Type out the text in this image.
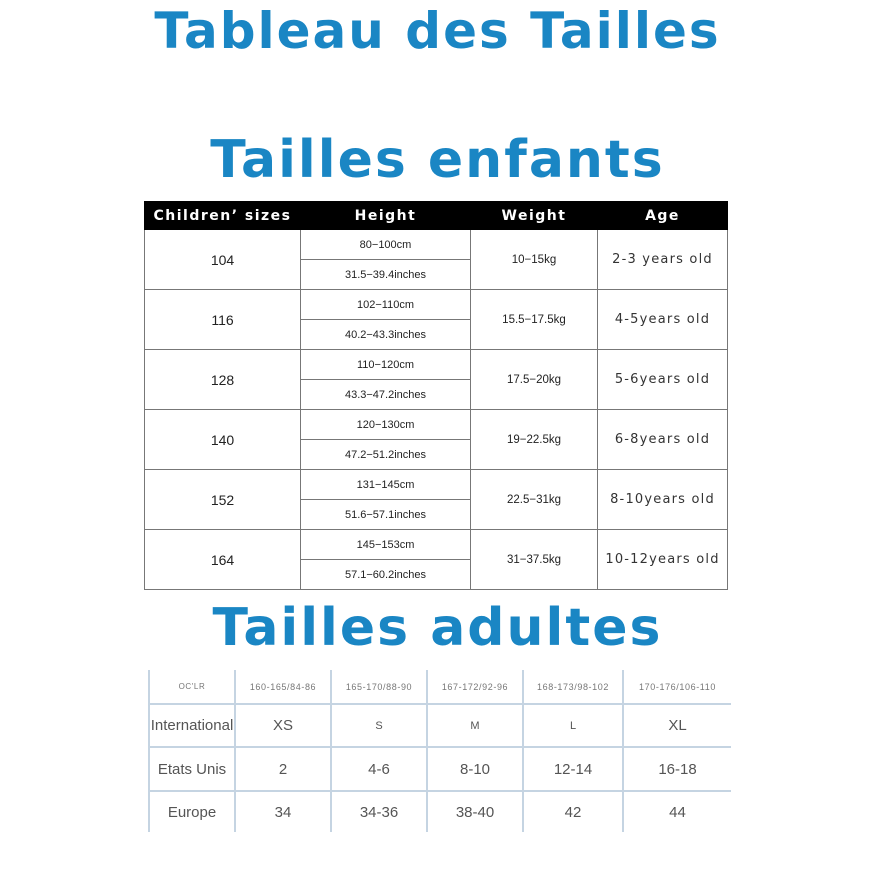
Tableau des Tailles
Tailles enfants
Children’ sizes	Height	Weight	Age
104	80−100cm	10−15kg	2-3 years old
	31.5−39.4inches		
116	102−110cm	15.5−17.5kg	4-5years old
	40.2−43.3inches		
128	110−120cm	17.5−20kg	5-6years old
	43.3−47.2inches		
140	120−130cm	19−22.5kg	6-8years old
	47.2−51.2inches		
152	131−145cm	22.5−31kg	8-10years old
	51.6−57.1inches		
164	145−153cm	31−37.5kg	10-12years old
	57.1−60.2inches		
Tailles adultes
OC'LR	160-165/84-86	165-170/88-90	167-172/92-96	168-173/98-102	170-176/106-110
International	XS	S	M	L	XL
Etats Unis	2	4-6	8-10	12-14	16-18
Europe	34	34-36	38-40	42	44
